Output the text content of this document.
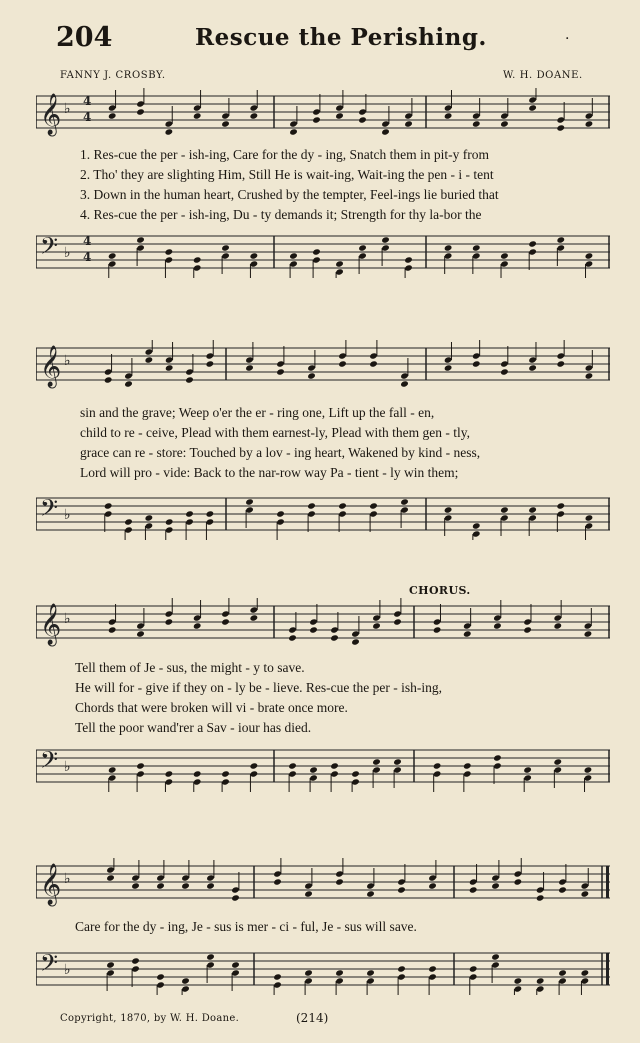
204	Rescue the Perishing.	.
FANNY J. CROSBY.	W. H. DOANE.
𝄞 ♭ 4
4
1. Res-cue the per - ish-ing, Care for the dy - ing, Snatch them in pit-y from
2. Tho' they are slighting Him, Still He is wait-ing, Wait-ing the pen - i - tent
3. Down in the human heart, Crushed by the tempter, Feel-ings lie buried that
4. Res-cue the per - ish-ing, Du - ty demands it; Strength for thy la-bor the
𝄢 ♭
4
4
𝄞 ♭
sin and the grave; Weep o'er the er - ring one, Lift up the fall - en,
child to re - ceive, Plead with them earnest-ly, Plead with them gen - tly,
grace can re - store: Touched by a lov - ing heart, Wakened by kind - ness,
Lord will pro - vide: Back to the nar-row way Pa - tient - ly win them;
𝄢 ♭
CHORUS.
𝄞 ♭
Tell them of Je - sus, the might - y to save.
He will for - give if they on - ly be - lieve. Res-cue the per - ish-ing,
Chords that were broken will vi - brate once more.
Tell the poor wand'rer a Sav - iour has died.
𝄢 ♭
𝄞 ♭
Care for the dy - ing, Je - sus is mer - ci - ful, Je - sus will save.
𝄢 ♭
Copyright, 1870, by W. H. Doane.	(214)
